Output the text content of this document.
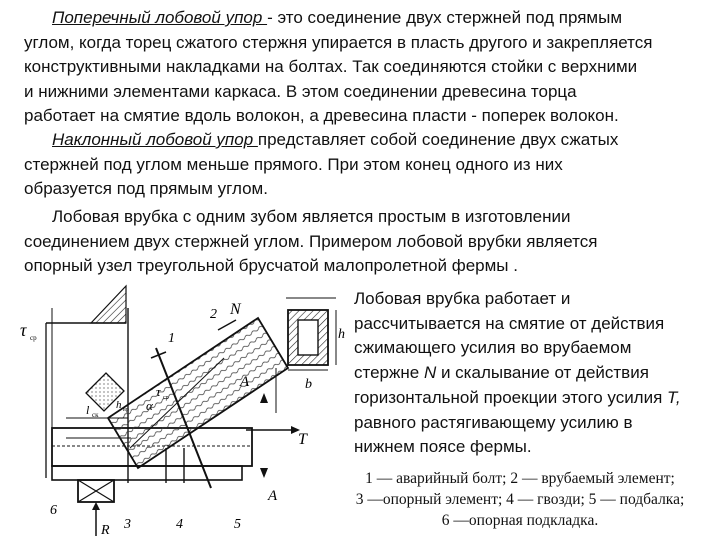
Поперечный лобовой упор - это соединение двух стержней под прямым
углом, когда торец сжатого стержня упирается в пласть другого и закрепляется
конструктивными накладками на болтах. Так соединяются стойки с верхними
и нижними элементами каркаса. В этом соединении древесина торца
работает на смятие вдоль волокон, а древесина пласти - поперек волокон.
Наклонный лобовой упор представляет собой соединение двух сжатых
стержней под углом меньше прямого. При этом конец одного из них
образуется под прямым углом.
Лобовая врубка с одним зубом является простым в изготовлении
соединением двух стержней углом. Примером лобовой врубки является
опорный узел треугольной брусчатой малопролетной фермы .
Лобовая врубка работает и
рассчитывается на смятие от действия
сжимающего усилия во врубаемом
стержне N и скалывание от действия
горизонтальной проекции этого усилия T,
равного растягивающему усилию в
нижнем поясе фермы.
1 — аварийный болт; 2 — врубаемый элемент;
3 —опорный элемент; 4 — гвозди; 5 — подбалка;
6 —опорная подкладка.
τ ср
T
N
b
h
A
A
l ск
h вр α
τ ср
1
2
3	4	5
6
R
